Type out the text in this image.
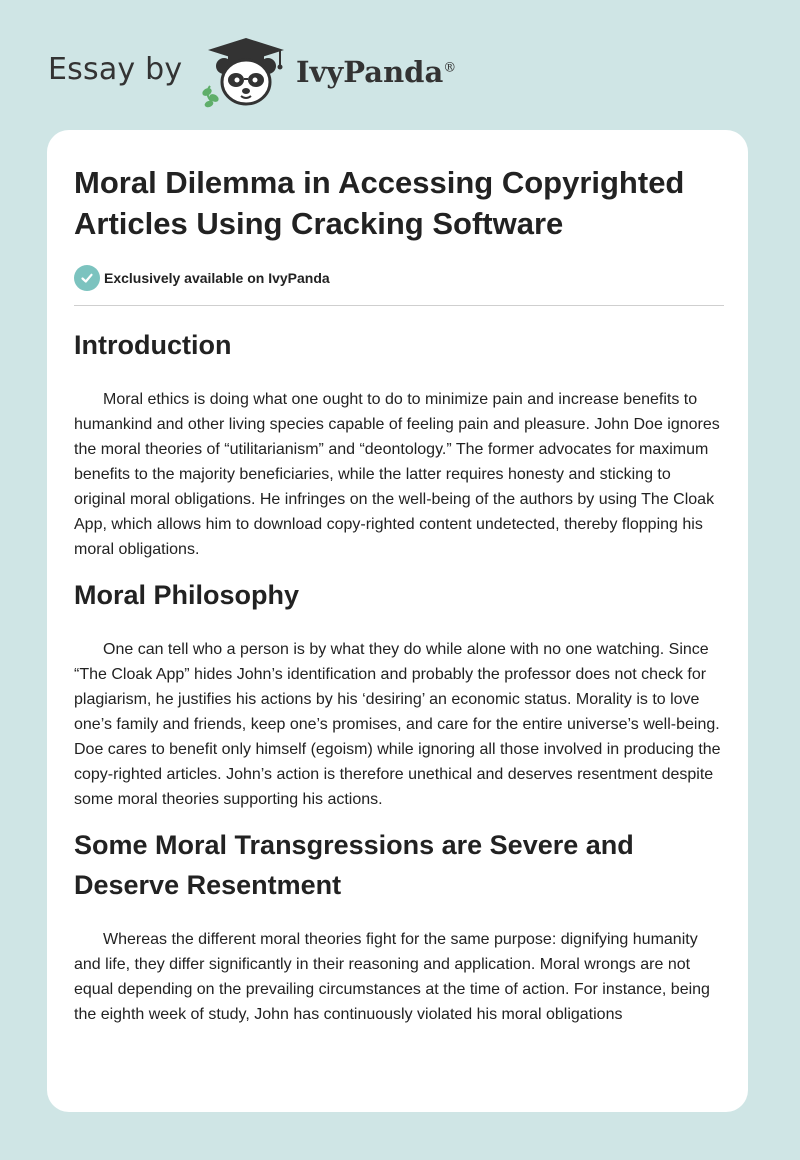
Essay by	IvyPanda®
Moral Dilemma in Accessing Copyrighted Articles Using Cracking Software
Exclusively available on IvyPanda
Introduction

Moral ethics is doing what one ought to do to minimize pain and increase benefits to humankind and other living species capable of feeling pain and pleasure. John Doe ignores the moral theories of “utilitarianism” and “deontology.” The former advocates for maximum benefits to the majority beneficiaries, while the latter requires honesty and sticking to original moral obligations. He infringes on the well-being of the authors by using The Cloak App, which allows him to download copy-righted content undetected, thereby flopping his moral obligations.

Moral Philosophy

One can tell who a person is by what they do while alone with no one watching. Since “The Cloak App” hides John’s identification and probably the professor does not check for plagiarism, he justifies his actions by his ‘desiring’ an economic status. Morality is to love one’s family and friends, keep one’s promises, and care for the entire universe’s well-being. Doe cares to benefit only himself (egoism) while ignoring all those involved in producing the copy-righted articles. John’s action is therefore unethical and deserves resentment despite some moral theories supporting his actions.

Some Moral Transgressions are Severe and Deserve Resentment

Whereas the different moral theories fight for the same purpose: dignifying humanity and life, they differ significantly in their reasoning and application. Moral wrongs are not equal depending on the prevailing circumstances at the time of action. For instance, being the eighth week of study, John has continuously violated his moral obligations
